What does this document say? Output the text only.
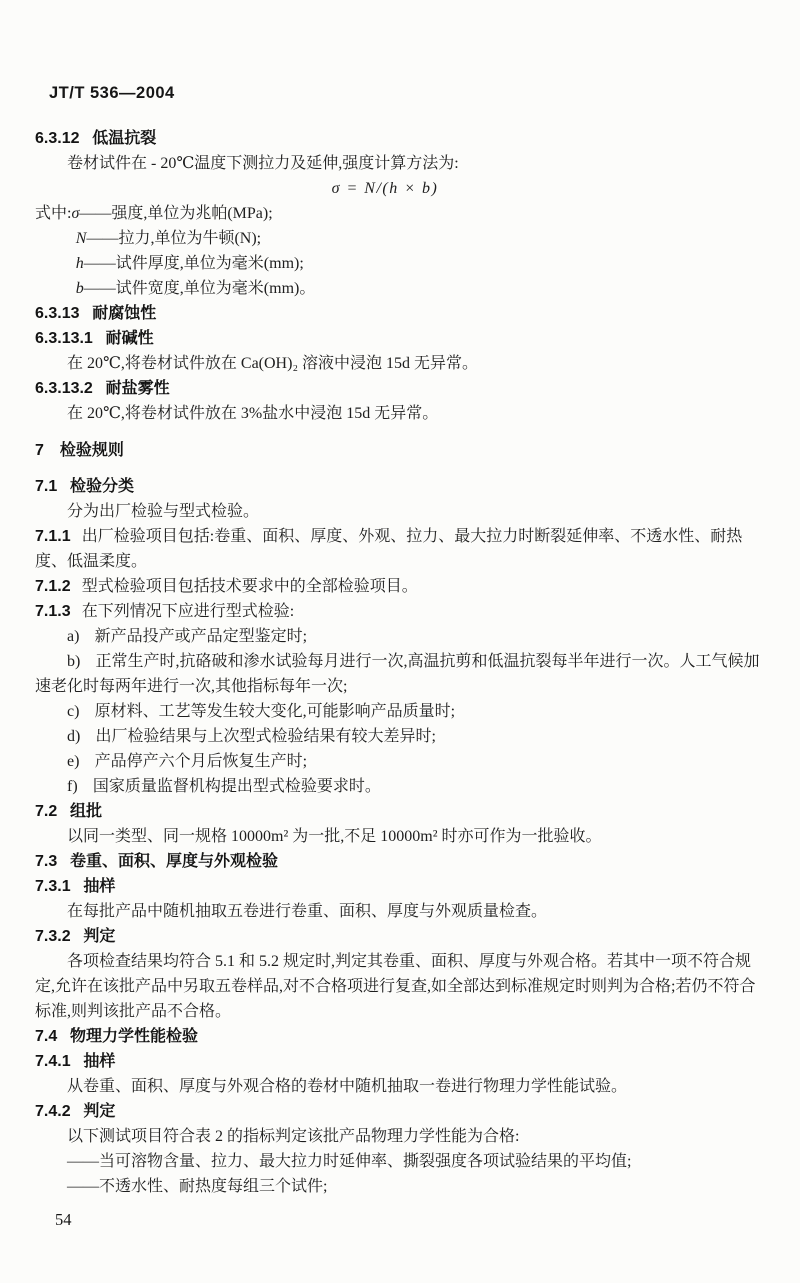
JT/T 536—2004
6.3.12 低温抗裂
卷材试件在 - 20℃温度下测拉力及延伸,强度计算方法为:
σ = N/(h × b)
式中:σ——强度,单位为兆帕(MPa);
N——拉力,单位为牛顿(N);
h——试件厚度,单位为毫米(mm);
b——试件宽度,单位为毫米(mm)。
6.3.13 耐腐蚀性
6.3.13.1 耐碱性
在 20℃,将卷材试件放在 Ca(OH)₂ 溶液中浸泡 15d 无异常。
6.3.13.2 耐盐雾性
在 20℃,将卷材试件放在 3%盐水中浸泡 15d 无异常。
7 检验规则
7.1 检验分类
分为出厂检验与型式检验。
7.1.1 出厂检验项目包括:卷重、面积、厚度、外观、拉力、最大拉力时断裂延伸率、不透水性、耐热度、低温柔度。
7.1.2 型式检验项目包括技术要求中的全部检验项目。
7.1.3 在下列情况下应进行型式检验:
a) 新产品投产或产品定型鉴定时;
b) 正常生产时,抗硌破和渗水试验每月进行一次,高温抗剪和低温抗裂每半年进行一次。人工气候加速老化时每两年进行一次,其他指标每年一次;
c) 原材料、工艺等发生较大变化,可能影响产品质量时;
d) 出厂检验结果与上次型式检验结果有较大差异时;
e) 产品停产六个月后恢复生产时;
f) 国家质量监督机构提出型式检验要求时。
7.2 组批
以同一类型、同一规格 10000m² 为一批,不足 10000m² 时亦可作为一批验收。
7.3 卷重、面积、厚度与外观检验
7.3.1 抽样
在每批产品中随机抽取五卷进行卷重、面积、厚度与外观质量检查。
7.3.2 判定
各项检查结果均符合 5.1 和 5.2 规定时,判定其卷重、面积、厚度与外观合格。若其中一项不符合规定,允许在该批产品中另取五卷样品,对不合格项进行复查,如全部达到标准规定时则判为合格;若仍不符合标准,则判该批产品不合格。
7.4 物理力学性能检验
7.4.1 抽样
从卷重、面积、厚度与外观合格的卷材中随机抽取一卷进行物理力学性能试验。
7.4.2 判定
以下测试项目符合表 2 的指标判定该批产品物理力学性能为合格:
——当可溶物含量、拉力、最大拉力时延伸率、撕裂强度各项试验结果的平均值;
——不透水性、耐热度每组三个试件;
54
